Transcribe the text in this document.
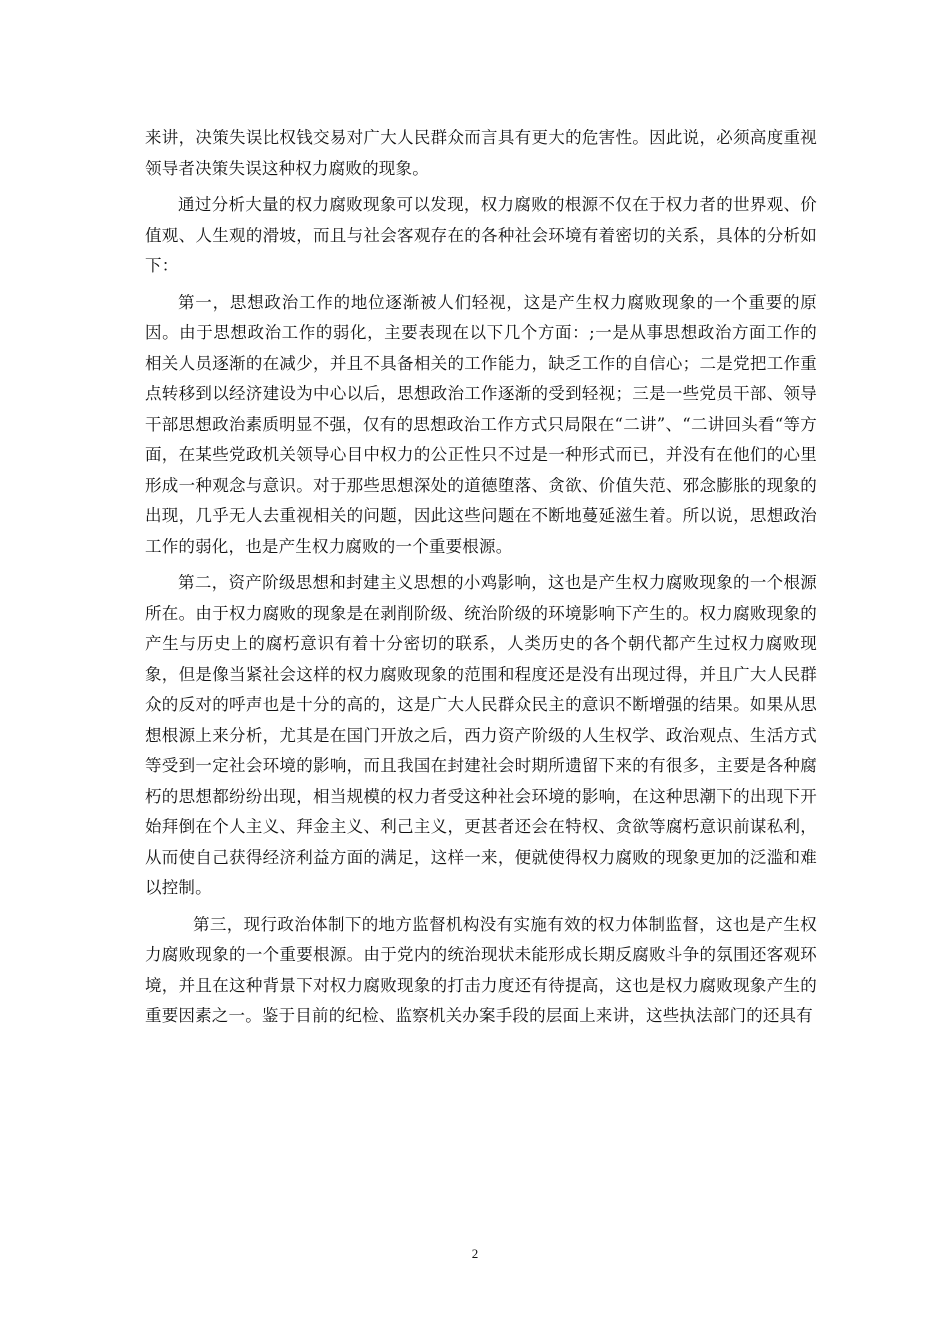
来讲，决策失误比权钱交易对广大人民群众而言具有更大的危害性。因此说，必须高度重视领导者决策失误这种权力腐败的现象。

通过分析大量的权力腐败现象可以发现，权力腐败的根源不仅在于权力者的世界观、价值观、人生观的滑坡，而且与社会客观存在的各种社会环境有着密切的关系，具体的分析如下：

第一，思想政治工作的地位逐渐被人们轻视，这是产生权力腐败现象的一个重要的原因。由于思想政治工作的弱化，主要表现在以下几个方面：;一是从事思想政治方面工作的相关人员逐渐的在减少，并且不具备相关的工作能力，缺乏工作的自信心；二是党把工作重点转移到以经济建设为中心以后，思想政治工作逐渐的受到轻视；三是一些党员干部、领导干部思想政治素质明显不强，仅有的思想政治工作方式只局限在“二讲”、“二讲回头看“等方面，在某些党政机关领导心目中权力的公正性只不过是一种形式而已，并没有在他们的心里形成一种观念与意识。对于那些思想深处的道德堕落、贪欲、价值失范、邪念膨胀的现象的出现，几乎无人去重视相关的问题，因此这些问题在不断地蔓延滋生着。所以说，思想政治工作的弱化，也是产生权力腐败的一个重要根源。

第二，资产阶级思想和封建主义思想的小鸡影响，这也是产生权力腐败现象的一个根源所在。由于权力腐败的现象是在剥削阶级、统治阶级的环境影响下产生的。权力腐败现象的产生与历史上的腐朽意识有着十分密切的联系，人类历史的各个朝代都产生过权力腐败现象，但是像当紧社会这样的权力腐败现象的范围和程度还是没有出现过得，并且广大人民群众的反对的呼声也是十分的高的，这是广大人民群众民主的意识不断增强的结果。如果从思想根源上来分析，尤其是在国门开放之后，西力资产阶级的人生权学、政治观点、生活方式等受到一定社会环境的影响，而且我国在封建社会时期所遗留下来的有很多，主要是各种腐朽的思想都纷纷出现，相当规模的权力者受这种社会环境的影响，在这种思潮下的出现下开始拜倒在个人主义、拜金主义、利己主义，更甚者还会在特权、贪欲等腐朽意识前谋私利，从而使自己获得经济利益方面的满足，这样一来，便就使得权力腐败的现象更加的泛滥和难以控制。

第三，现行政治体制下的地方监督机构没有实施有效的权力体制监督，这也是产生权力腐败现象的一个重要根源。由于党内的统治现状未能形成长期反腐败斗争的氛围还客观环境，并且在这种背景下对权力腐败现象的打击力度还有待提高，这也是权力腐败现象产生的重要因素之一。鉴于目前的纪检、监察机关办案手段的层面上来讲，这些执法部门的还具有

2
